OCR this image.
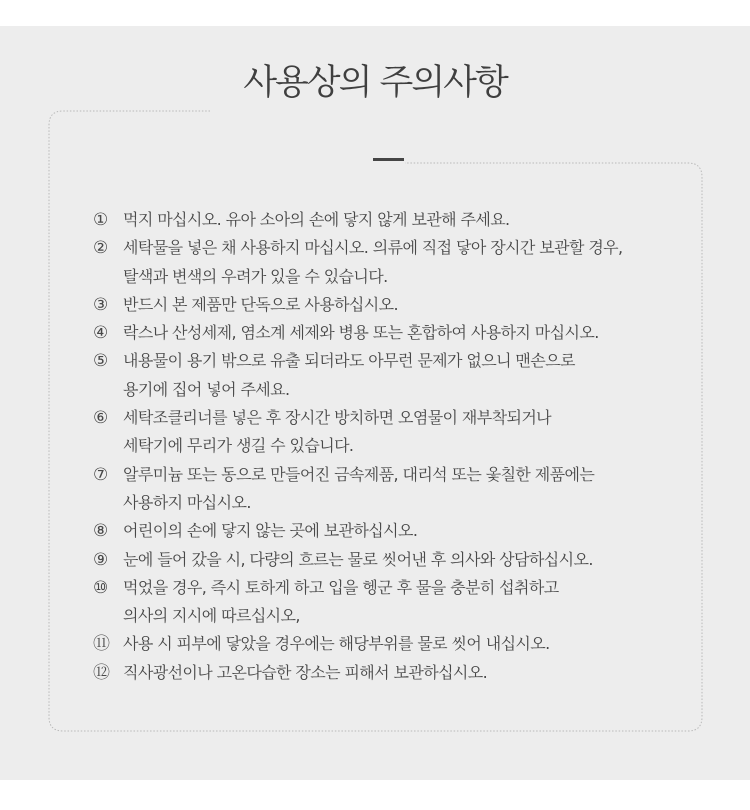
사용상의 주의사항
① 먹지 마십시오. 유아 소아의 손에 닿지 않게 보관해 주세요.
② 세탁물을 넣은 채 사용하지 마십시오. 의류에 직접 닿아 장시간 보관할 경우,
탈색과 변색의 우려가 있을 수 있습니다.
③ 반드시 본 제품만 단독으로 사용하십시오.
④ 락스나 산성세제, 염소계 세제와 병용 또는 혼합하여 사용하지 마십시오.
⑤ 내용물이 용기 밖으로 유출 되더라도 아무런 문제가 없으니 맨손으로
용기에 집어 넣어 주세요.
⑥ 세탁조클리너를 넣은 후 장시간 방치하면 오염물이 재부착되거나
세탁기에 무리가 생길 수 있습니다.
⑦ 알루미늄 또는 동으로 만들어진 금속제품, 대리석 또는 옻칠한 제품에는
사용하지 마십시오.
⑧ 어린이의 손에 닿지 않는 곳에 보관하십시오.
⑨ 눈에 들어 갔을 시, 다량의 흐르는 물로 씻어낸 후 의사와 상담하십시오.
⑩ 먹었을 경우, 즉시 토하게 하고 입을 헹군 후 물을 충분히 섭취하고
의사의 지시에 따르십시오,
⑪ 사용 시 피부에 닿았을 경우에는 해당부위를 물로 씻어 내십시오.
⑫ 직사광선이나 고온다습한 장소는 피해서 보관하십시오.
